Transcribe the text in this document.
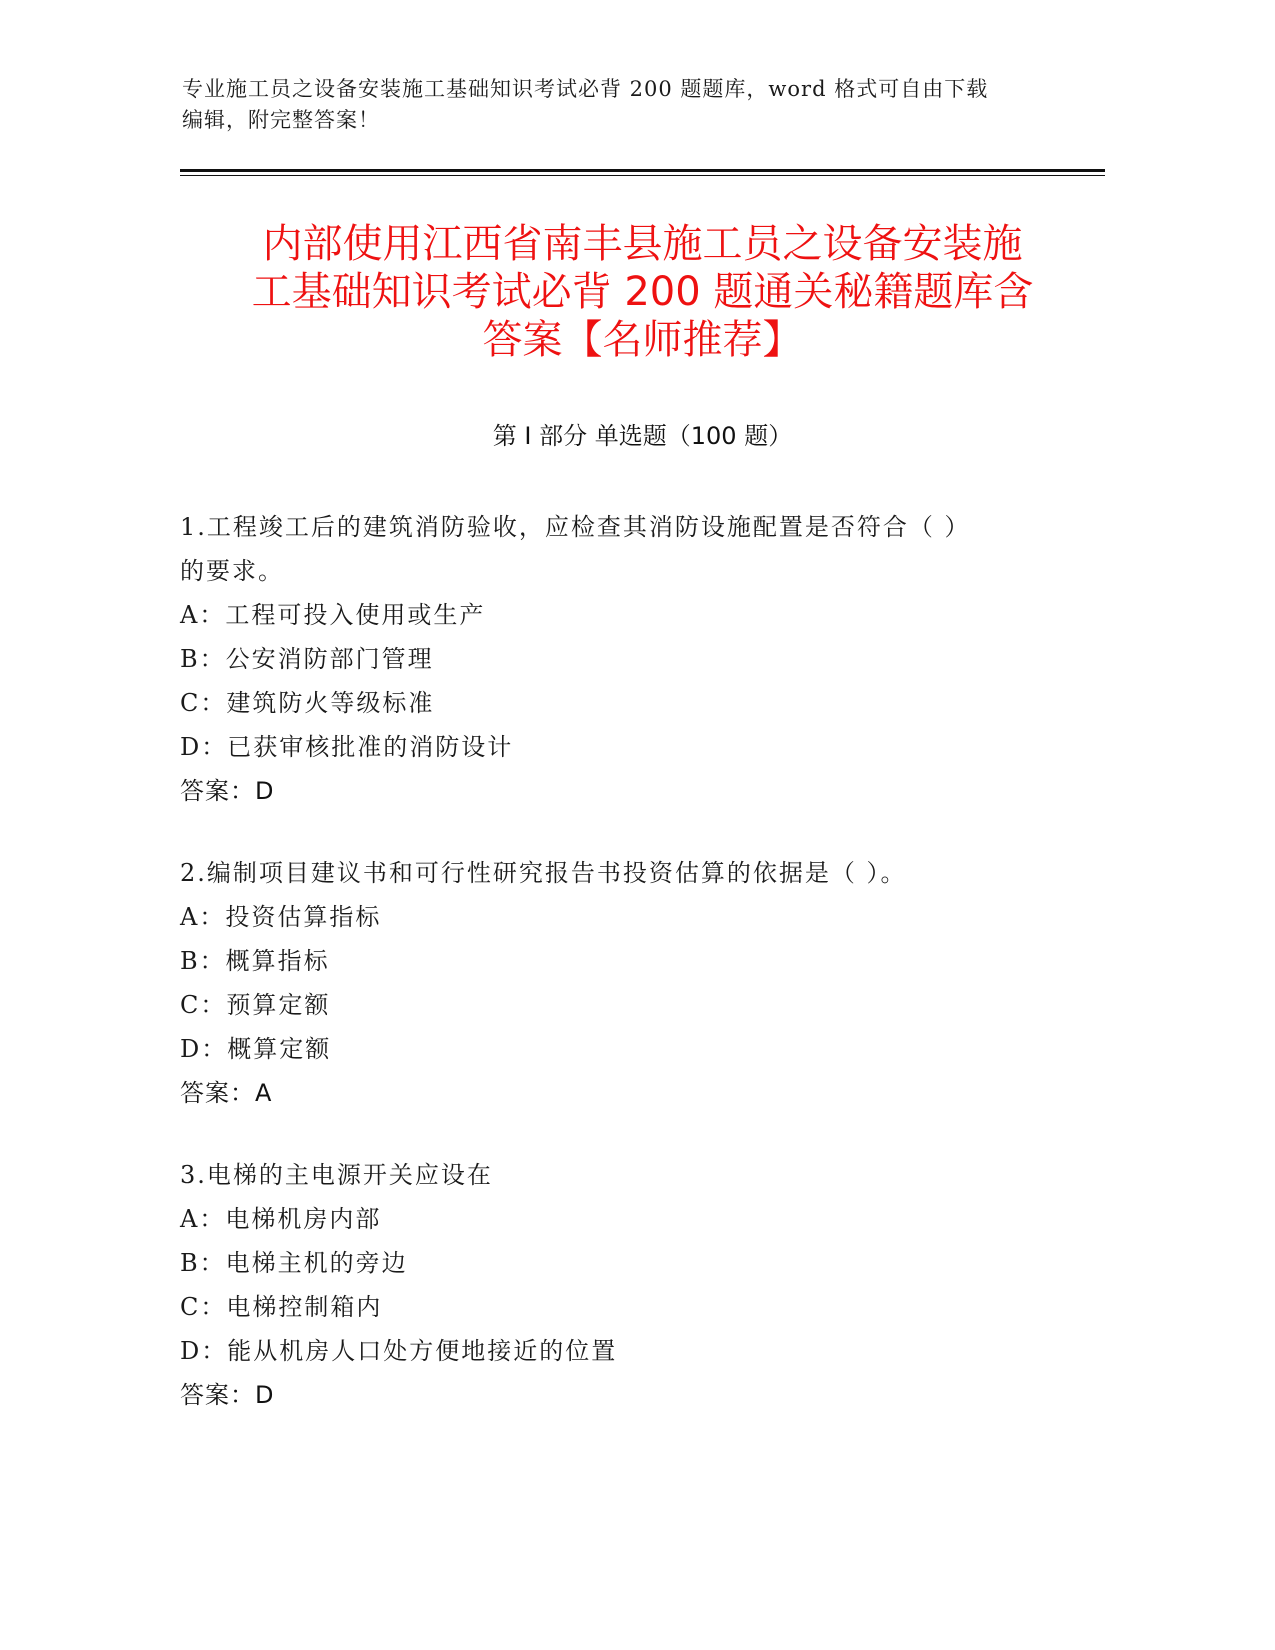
专业施工员之设备安装施工基础知识考试必背 200 题题库，word 格式可自由下载
编辑，附完整答案！
内部使用江西省南丰县施工员之设备安装施
工基础知识考试必背 200 题通关秘籍题库含
答案【名师推荐】
第 I 部分 单选题（100 题）
1.工程竣工后的建筑消防验收，应检查其消防设施配置是否符合（ ）
的要求。
A：工程可投入使用或生产
B：公安消防部门管理
C：建筑防火等级标准
D：已获审核批准的消防设计
答案：D
2.编制项目建议书和可行性研究报告书投资估算的依据是（ ）。
A：投资估算指标
B：概算指标
C：预算定额
D：概算定额
答案：A
3.电梯的主电源开关应设在
A：电梯机房内部
B：电梯主机的旁边
C：电梯控制箱内
D：能从机房人口处方便地接近的位置
答案：D
